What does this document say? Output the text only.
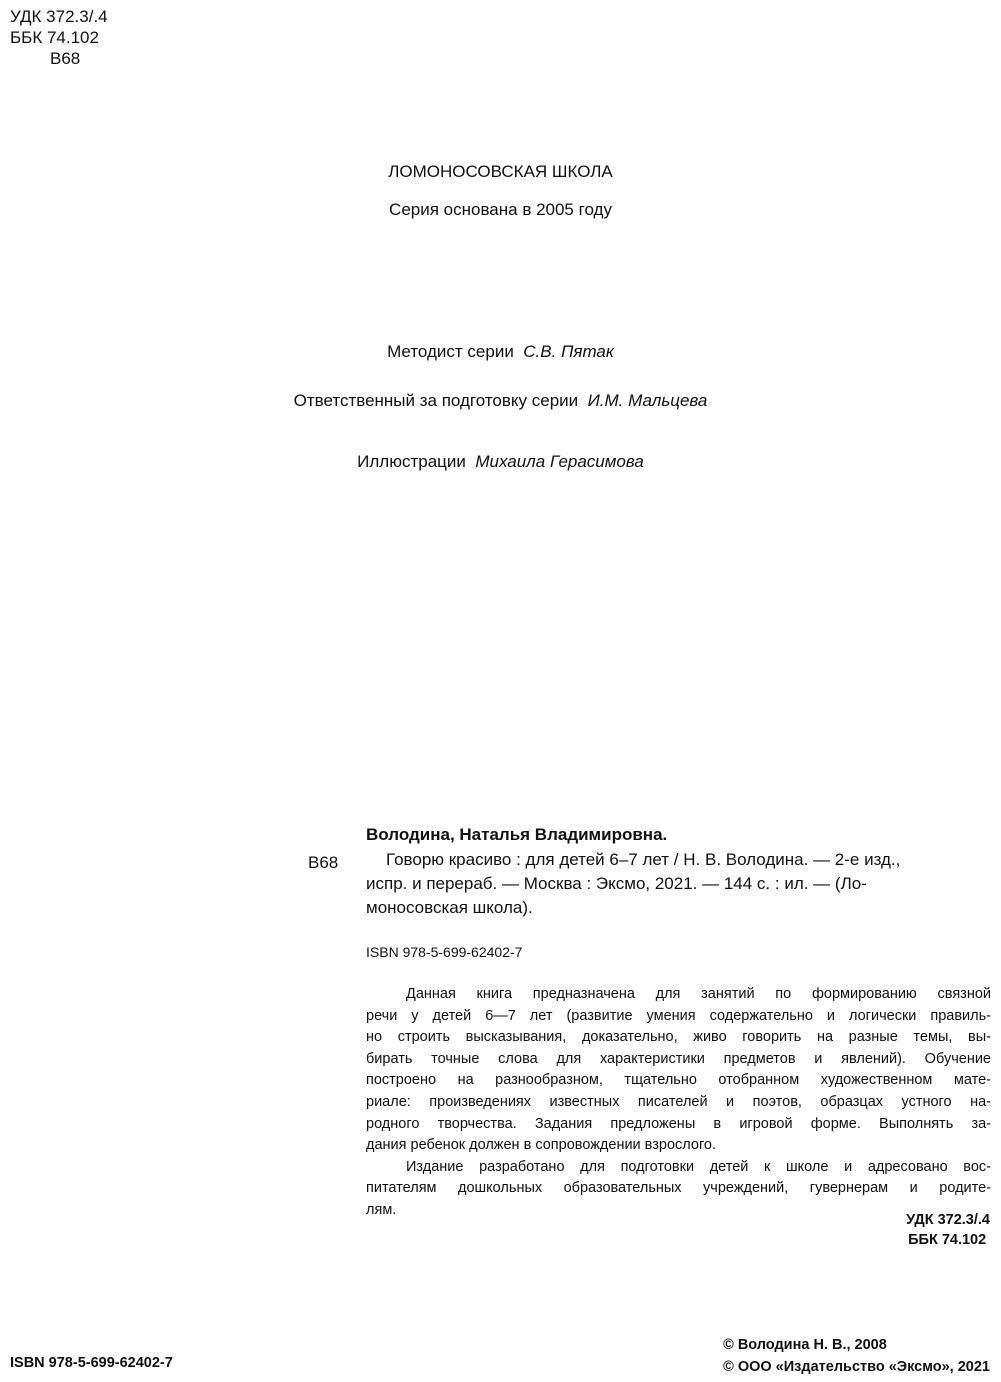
УДК 372.3/.4
ББК 74.102
В68
ЛОМОНОСОВСКАЯ ШКОЛА
Серия основана в 2005 году
Методист серии С.В. Пятак
Ответственный за подготовку серии И.М. Мальцева
Иллюстрации Михаила Герасимова
Володина, Наталья Владимировна.
В68	Говорю красиво : для детей 6–7 лет / Н. В. Володина. — 2-е изд.,
испр. и перераб. — Москва : Эксмо, 2021. — 144 с. : ил. — (Ло-
моносовская школа).
ISBN 978-5-699-62402-7
Данная книга предназначена для занятий по формированию связной
речи у детей 6—7 лет (развитие умения содержательно и логически правиль-
но строить высказывания, доказательно, живо говорить на разные темы, вы-
бирать точные слова для характеристики предметов и явлений). Обучение
построено на разнообразном, тщательно отобранном художественном мате-
риале: произведениях известных писателей и поэтов, образцах устного на-
родного творчества. Задания предложены в игровой форме. Выполнять за-
дания ребенок должен в сопровождении взрослого.
Издание разработано для подготовки детей к школе и адресовано вос-
питателям дошкольных образовательных учреждений, гувернерам и родите-
лям.
УДК 372.3/.4
ББК 74.102
ISBN 978-5-699-62402-7
© Володина Н. В., 2008
© ООО «Издательство «Эксмо», 2021
